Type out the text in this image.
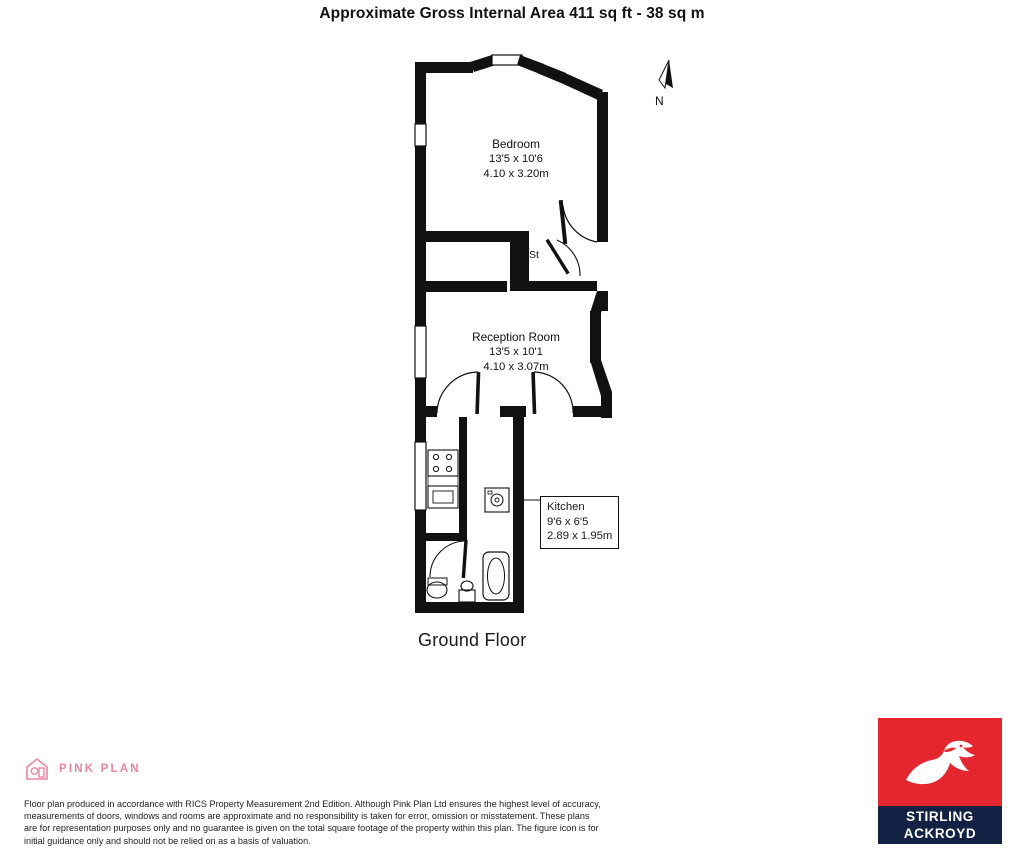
Approximate Gross Internal Area 411 sq ft - 38 sq m
Bedroom
13'5 x 10'6
4.10 x 3.20m
Reception Room
13'5 x 10'1
4.10 x 3.07m
St
Kitchen
9'6 x 6'5
2.89 x 1.95m
N
Ground Floor
PINK PLAN
Floor plan produced in accordance with RICS Property Measurement 2nd Edition. Although Pink Plan Ltd ensures the highest level of accuracy, measurements of doors, windows and rooms are approximate and no responsibility is taken for error, omission or misstatement. These plans are for representation purposes only and no guarantee is given on the total square footage of the property within this plan. The figure icon is for initial guidance only and should not be relied on as a basis of valuation.
STIRLING
ACKROYD
